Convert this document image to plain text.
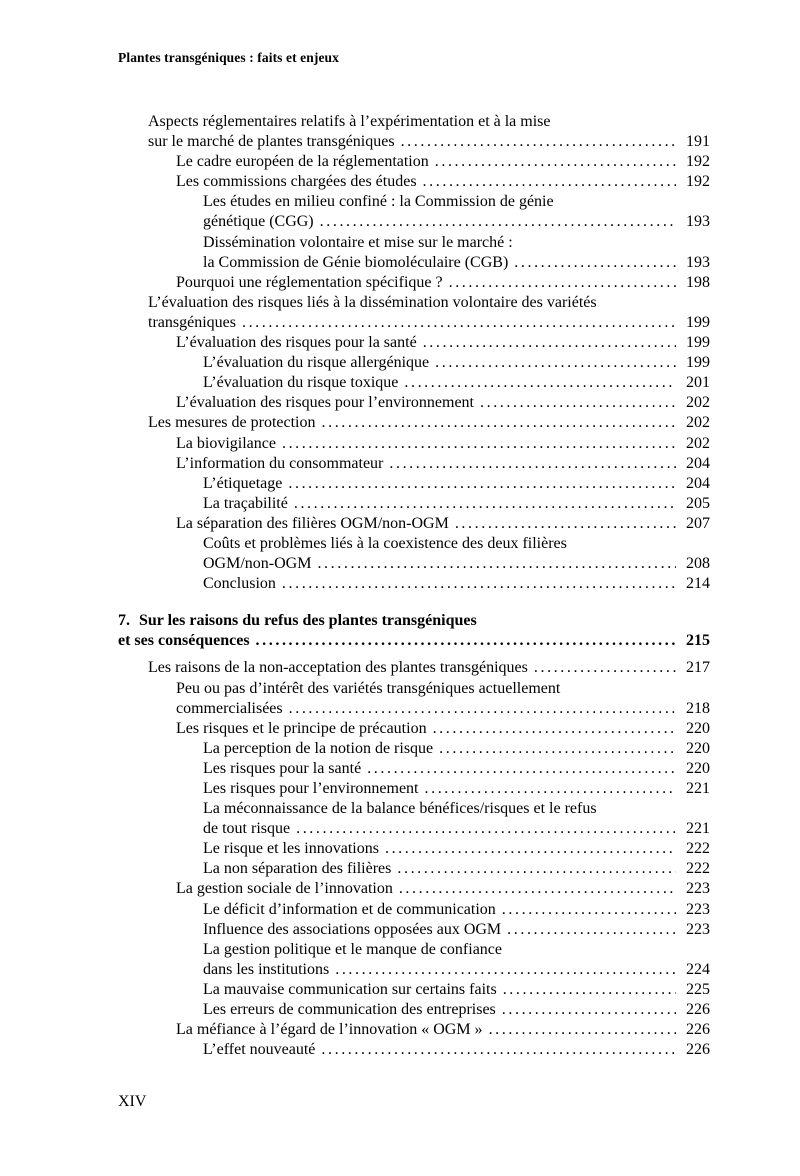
Plantes transgéniques : faits et enjeux
Aspects réglementaires relatifs à l’expérimentation et à la mise
sur le marché de plantes transgéniques .....	191
Le cadre européen de la réglementation .....	192
Les commissions chargées des études .....	192
Les études en milieu confiné : la Commission de génie
génétique (CGG) .....	193
Dissémination volontaire et mise sur le marché :
la Commission de Génie biomoléculaire (CGB) .....	193
Pourquoi une réglementation spécifique ? .....	198
L’évaluation des risques liés à la dissémination volontaire des variétés
transgéniques .....	199
L’évaluation des risques pour la santé .....	199
L’évaluation du risque allergénique .....	199
L’évaluation du risque toxique .....	201
L’évaluation des risques pour l’environnement .....	202
Les mesures de protection .....	202
La biovigilance .....	202
L’information du consommateur .....	204
L’étiquetage .....	204
La traçabilité .....	205
La séparation des filières OGM/non-OGM .....	207
Coûts et problèmes liés à la coexistence des deux filières
OGM/non-OGM .....	208
Conclusion .....	214
7. Sur les raisons du refus des plantes transgéniques
et ses conséquences .....	215
Les raisons de la non-acceptation des plantes transgéniques .....	217
Peu ou pas d’intérêt des variétés transgéniques actuellement
commercialisées .....	218
Les risques et le principe de précaution .....	220
La perception de la notion de risque .....	220
Les risques pour la santé .....	220
Les risques pour l’environnement .....	221
La méconnaissance de la balance bénéfices/risques et le refus
de tout risque .....	221
Le risque et les innovations .....	222
La non séparation des filières .....	222
La gestion sociale de l’innovation .....	223
Le déficit d’information et de communication .....	223
Influence des associations opposées aux OGM .....	223
La gestion politique et le manque de confiance
dans les institutions .....	224
La mauvaise communication sur certains faits .....	225
Les erreurs de communication des entreprises .....	226
La méfiance à l’égard de l’innovation « OGM » .....	226
L’effet nouveauté .....	226
XIV
